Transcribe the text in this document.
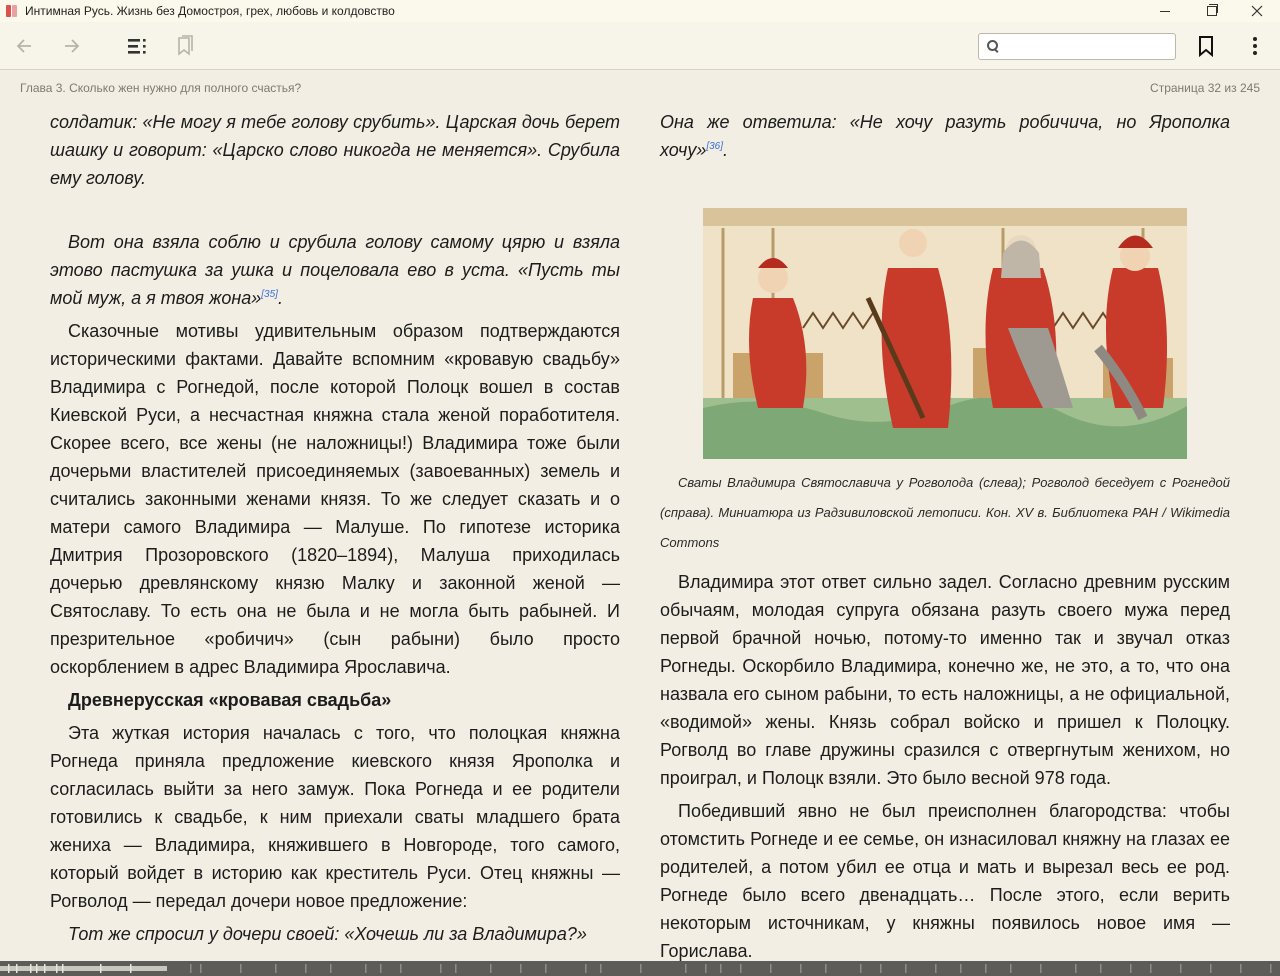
Интимная Русь. Жизнь без Домостроя, грех, любовь и колдовство
Глава 3. Сколько жен нужно для полного счастья?	Страница 32 из 245

солдатик: «Не могу я тебе голову срубить». Царская дочь берет шашку и говорит: «Царско слово никогда не меняется». Срубила ему голову.

Вот она взяла соблю и срубила голову самому цярю и взяла этово пастушка за ушка и поцеловала ево в уста. «Пусть ты мой муж, а я твоя жона»[35].

Сказочные мотивы удивительным образом подтверждаются историческими фактами. Давайте вспомним «кровавую свадьбу» Владимира с Рогнедой, после которой Полоцк вошел в состав Киевской Руси, а несчастная княжна стала женой поработителя. Скорее всего, все жены (не наложницы!) Владимира тоже были дочерьми властителей присоединяемых (завоеванных) земель и считались законными женами князя. То же следует сказать и о матери самого Владимира — Малуше. По гипотезе историка Дмитрия Прозоровского (1820–1894), Малуша приходилась дочерью древлянскому князю Малку и законной женой — Святославу. То есть она не была и не могла быть рабыней. И презрительное «робичич» (сын рабыни) было просто оскорблением в адрес Владимира Ярославича.

Древнерусская «кровавая свадьба»

Эта жуткая история началась с того, что полоцкая княжна Рогнеда приняла предложение киевского князя Ярополка и согласилась выйти за него замуж. Пока Рогнеда и ее родители готовились к свадьбе, к ним приехали сваты младшего брата жениха — Владимира, княжившего в Новгороде, того самого, который войдет в историю как креститель Руси. Отец княжны — Рогволод — передал дочери новое предложение:

Тот же спросил у дочери своей: «Хочешь ли за Владимира?»

Она же ответила: «Не хочу разуть робичича, но Ярополка хочу»[36].

Сваты Владимира Святославича у Рогволода (слева); Рогволод беседует с Рогнедой (справа). Миниатюра из Радзивиловской летописи. Кон. XV в. Библиотека РАН / Wikimedia Commons

Владимира этот ответ сильно задел. Согласно древним русским обычаям, молодая супруга обязана разуть своего мужа перед первой брачной ночью, потому-то именно так и звучал отказ Рогнеды. Оскорбило Владимира, конечно же, не это, а то, что она назвала его сыном рабыни, то есть наложницы, а не официальной, «водимой» жены. Князь собрал войско и пришел к Полоцку. Рогволд во главе дружины сразился с отвергнутым женихом, но проиграл, и Полоцк взяли. Это было весной 978 года.

Победивший явно не был преисполнен благородства: чтобы отомстить Рогнеде и ее семье, он изнасиловал княжну на глазах ее родителей, а потом убил ее отца и мать и вырезал весь ее род. Рогнеде было всего двенадцать… После этого, если верить некоторым источникам, у княжны появилось новое имя — Горислава.
